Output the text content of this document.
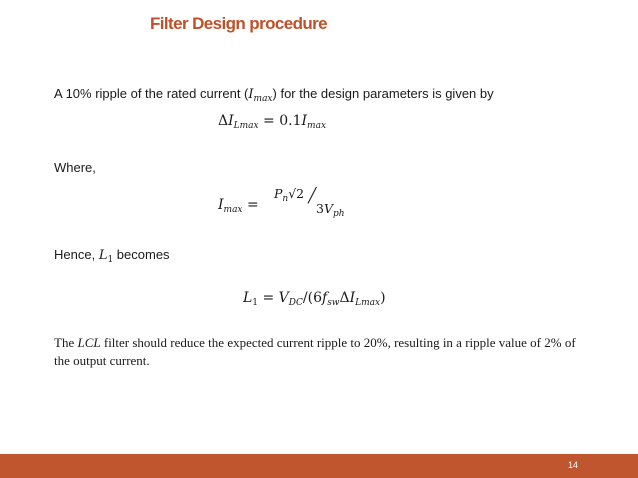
Filter Design procedure
A 10% ripple of the rated current $(I_{max})$ for the design parameters is given by
$\Delta I_{Lmax} = 0.1I_{max}$
Where,
$I_{max}$ =
$P_n√2$ ╱
$3V_{ph}$
Hence, $L_1$ becomes
$L_1 = V_{DC}/(6f_{sw}\Delta I_{Lmax})$
The LCL filter should reduce the expected current ripple to 20%, resulting in a ripple value of 2% of the output current.
14
